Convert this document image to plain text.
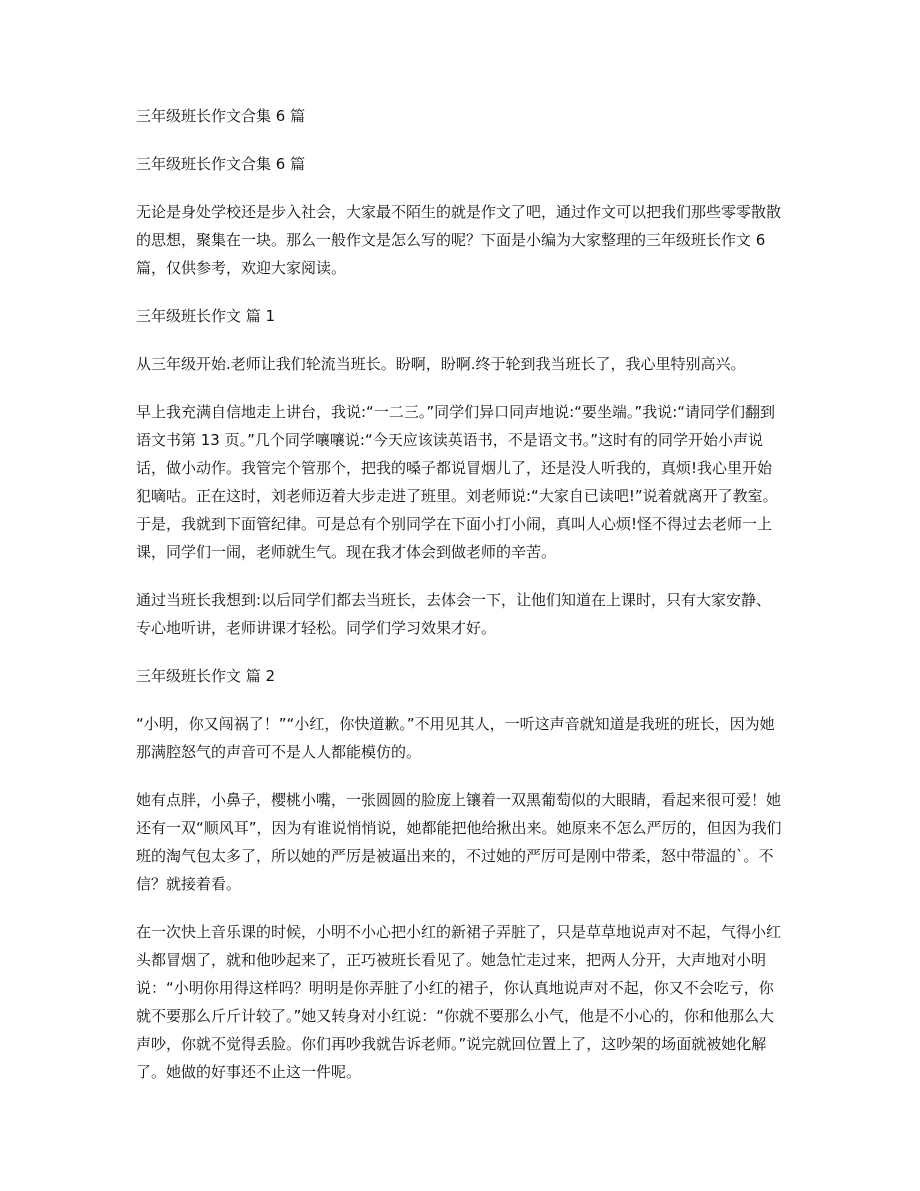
三年级班长作文合集 6 篇

三年级班长作文合集 6 篇

无论是身处学校还是步入社会，大家最不陌生的就是作文了吧，通过作文可以把我们那些零零散散的思想，聚集在一块。那么一般作文是怎么写的呢？下面是小编为大家整理的三年级班长作文 6 篇，仅供参考，欢迎大家阅读。

三年级班长作文 篇 1

从三年级开始.老师让我们轮流当班长。盼啊，盼啊.终于轮到我当班长了，我心里特别高兴。

早上我充满自信地走上讲台，我说:“一二三。”同学们异口同声地说:“要坐端。”我说:“请同学们翻到语文书第 13 页。”几个同学嚷嚷说:“今天应该读英语书，不是语文书。”这时有的同学开始小声说话，做小动作。我管完个管那个，把我的嗓子都说冒烟儿了，还是没人听我的，真烦!我心里开始犯嘀咕。正在这时，刘老师迈着大步走进了班里。刘老师说:“大家自已读吧!”说着就离开了教室。于是，我就到下面管纪律。可是总有个别同学在下面小打小闹，真叫人心烦!怪不得过去老师一上课，同学们一闹，老师就生气。现在我才体会到做老师的辛苦。

通过当班长我想到:以后同学们都去当班长，去体会一下，让他们知道在上课时，只有大家安静、专心地听讲，老师讲课才轻松。同学们学习效果才好。

三年级班长作文 篇 2

“小明，你又闯祸了！”“小红，你快道歉。”不用见其人，一听这声音就知道是我班的班长，因为她那满腔怒气的声音可不是人人都能模仿的。

她有点胖，小鼻子，樱桃小嘴，一张圆圆的脸庞上镶着一双黑葡萄似的大眼睛，看起来很可爱！她还有一双“顺风耳”，因为有谁说悄悄说，她都能把他给揪出来。她原来不怎么严厉的，但因为我们班的淘气包太多了，所以她的严厉是被逼出来的，不过她的严厉可是刚中带柔，怒中带温的`。不信？就接着看。

在一次快上音乐课的时候，小明不小心把小红的新裙子弄脏了，只是草草地说声对不起，气得小红头都冒烟了，就和他吵起来了，正巧被班长看见了。她急忙走过来，把两人分开，大声地对小明说：“小明你用得这样吗？明明是你弄脏了小红的裙子，你认真地说声对不起，你又不会吃亏，你就不要那么斤斤计较了。”她又转身对小红说：“你就不要那么小气，他是不小心的，你和他那么大声吵，你就不觉得丢脸。你们再吵我就告诉老师。”说完就回位置上了，这吵架的场面就被她化解了。她做的好事还不止这一件呢。
